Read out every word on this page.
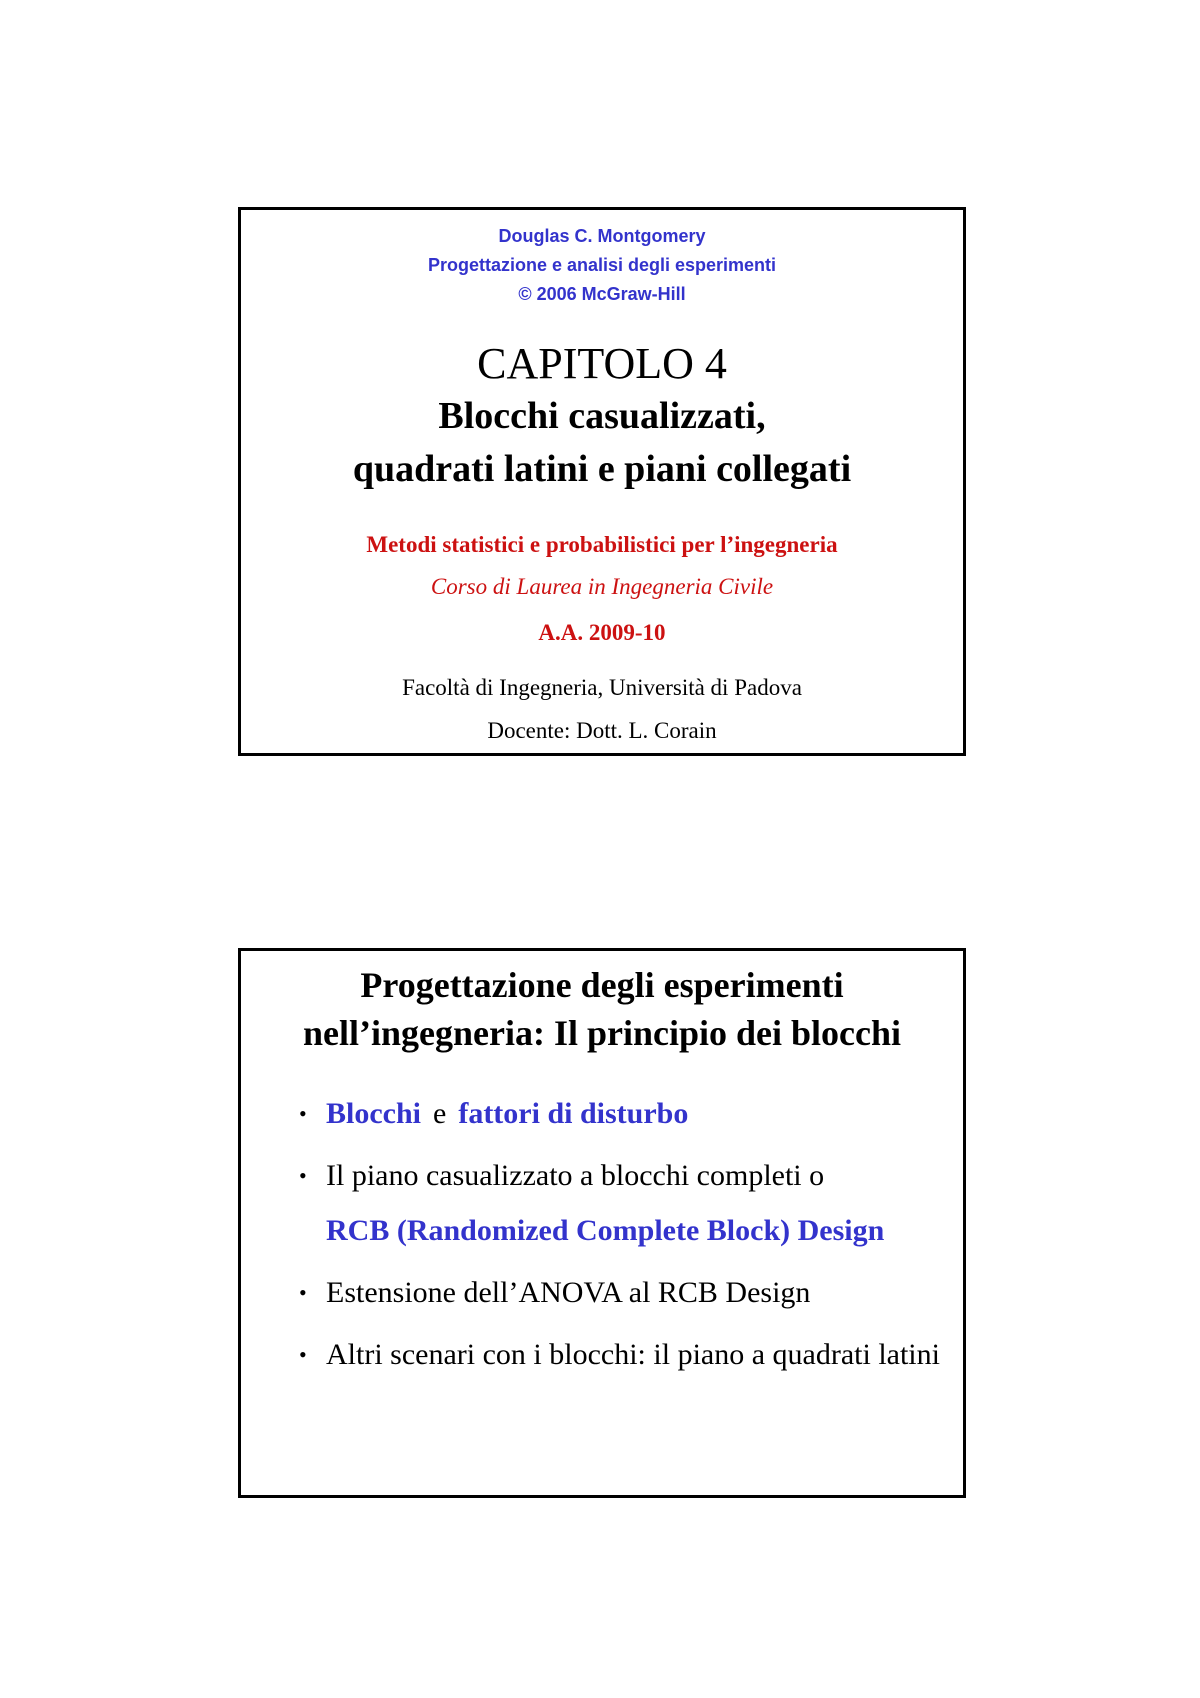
Douglas C. Montgomery
Progettazione e analisi degli esperimenti
© 2006 McGraw-Hill
CAPITOLO 4
Blocchi casualizzati,
quadrati latini e piani collegati
Metodi statistici e probabilistici per l’ingegneria
Corso di Laurea in Ingegneria Civile
A.A. 2009-10
Facoltà di Ingegneria, Università di Padova
Docente: Dott. L. Corain
Progettazione degli esperimenti
nell’ingegneria: Il principio dei blocchi
• Blocchi e fattori di disturbo
• Il piano casualizzato a blocchi completi o
RCB (Randomized Complete Block) Design
• Estensione dell’ANOVA al RCB Design
• Altri scenari con i blocchi: il piano a quadrati latini
